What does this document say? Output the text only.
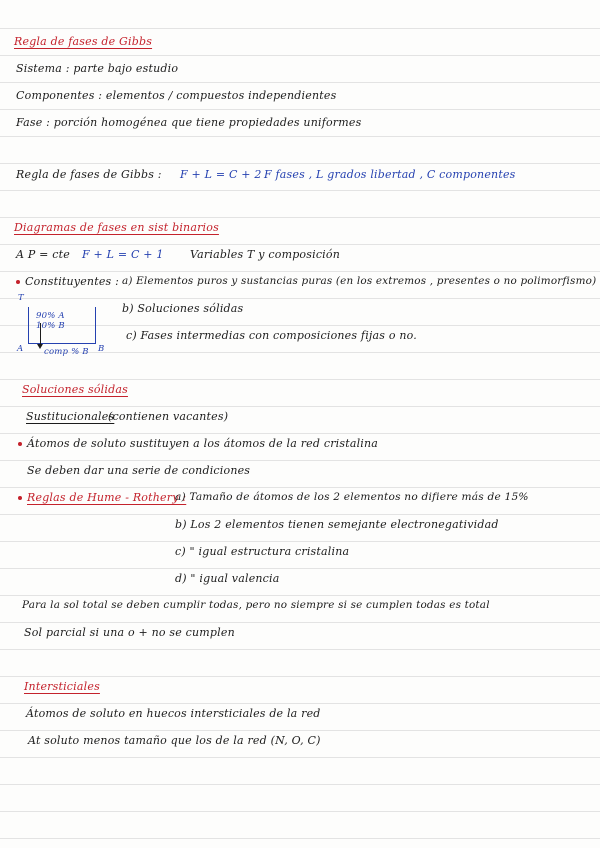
Regla de fases de Gibbs
Sistema : parte bajo estudio
Componentes : elementos / compuestos independientes
Fase : porción homogénea que tiene propiedades uniformes
Regla de fases de Gibbs : F + L = C + 2 F fases , L grados libertad , C componentes
Diagramas de fases en sist binarios
A P = cte F + L = C + 1 Variables T y composición
Constituyentes : a) Elementos puros y sustancias puras (en los extremos , presentes o no polimorfismo)
b) Soluciones sólidas
c) Fases intermedias con composiciones fijas o no.
T
90% A
10% B
A comp % B B
Soluciones sólidas
Sustitucionales
(contienen vacantes)
Átomos de soluto sustituyen a los átomos de la red cristalina
Se deben dar una serie de condiciones
Reglas de Hume - Rothery :
a) Tamaño de átomos de los 2 elementos no difiere más de 15%
b) Los 2 elementos tienen semejante electronegatividad
c) " igual estructura cristalina
d) " igual valencia
Para la sol total se deben cumplir todas, pero no siempre si se cumplen todas es total
Sol parcial si una o + no se cumplen
Intersticiales
Átomos de soluto en huecos intersticiales de la red
At soluto menos tamaño que los de la red (N, O, C)
